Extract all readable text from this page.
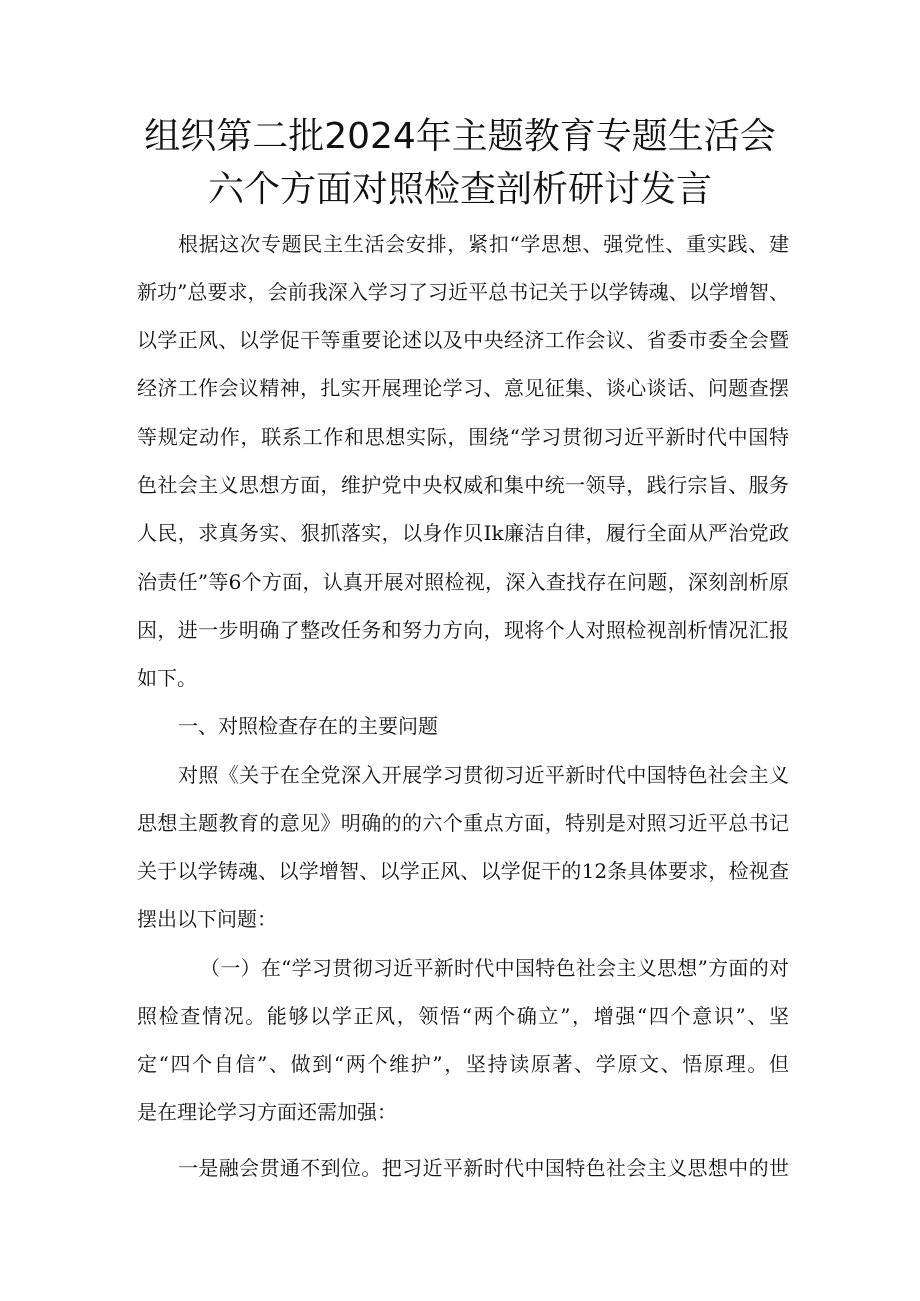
组织第二批2024年主题教育专题生活会
六个方面对照检查剖析研讨发言
根据这次专题民主生活会安排，紧扣“学思想、强党性、重实践、建
新功”总要求，会前我深入学习了习近平总书记关于以学铸魂、以学增智、
以学正风、以学促干等重要论述以及中央经济工作会议、省委市委全会暨
经济工作会议精神，扎实开展理论学习、意见征集、谈心谈话、问题查摆
等规定动作，联系工作和思想实际，围绕“学习贯彻习近平新时代中国特
色社会主义思想方面，维护党中央权威和集中统一领导，践行宗旨、服务
人民，求真务实、狠抓落实，以身作贝Ik廉洁自律，履行全面从严治党政
治责任”等6个方面，认真开展对照检视，深入查找存在问题，深刻剖析原
因，进一步明确了整改任务和努力方向，现将个人对照检视剖析情况汇报
如下。
一、对照检查存在的主要问题
对照《关于在全党深入开展学习贯彻习近平新时代中国特色社会主义
思想主题教育的意见》明确的的六个重点方面，特别是对照习近平总书记
关于以学铸魂、以学增智、以学正风、以学促干的12条具体要求，检视查
摆出以下问题：
（一）在“学习贯彻习近平新时代中国特色社会主义思想”方面的对
照检查情况。能够以学正风，领悟“两个确立”，增强“四个意识”、坚
定“四个自信”、做到“两个维护”，坚持读原著、学原文、悟原理。但
是在理论学习方面还需加强：
一是融会贯通不到位。把习近平新时代中国特色社会主义思想中的世
